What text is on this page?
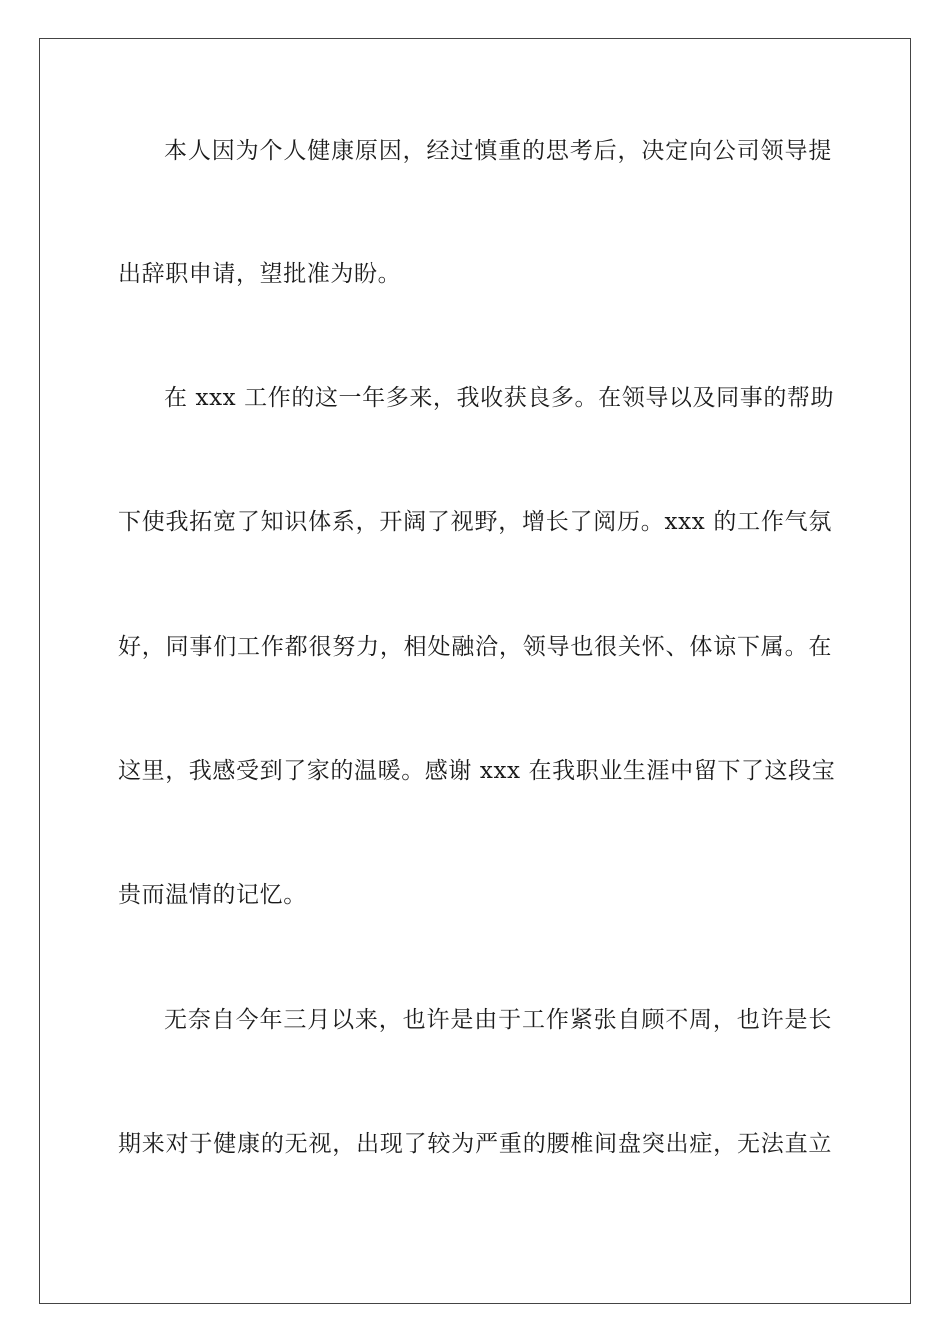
本人因为个人健康原因，经过慎重的思考后，决定向公司领导提
出辞职申请，望批准为盼。
在 xxx 工作的这一年多来，我收获良多。在领导以及同事的帮助
下使我拓宽了知识体系，开阔了视野，增长了阅历。xxx 的工作气氛
好，同事们工作都很努力，相处融洽，领导也很关怀、体谅下属。在
这里，我感受到了家的温暖。感谢 xxx 在我职业生涯中留下了这段宝
贵而温情的记忆。
无奈自今年三月以来，也许是由于工作紧张自顾不周，也许是长
期来对于健康的无视，出现了较为严重的腰椎间盘突出症，无法直立
